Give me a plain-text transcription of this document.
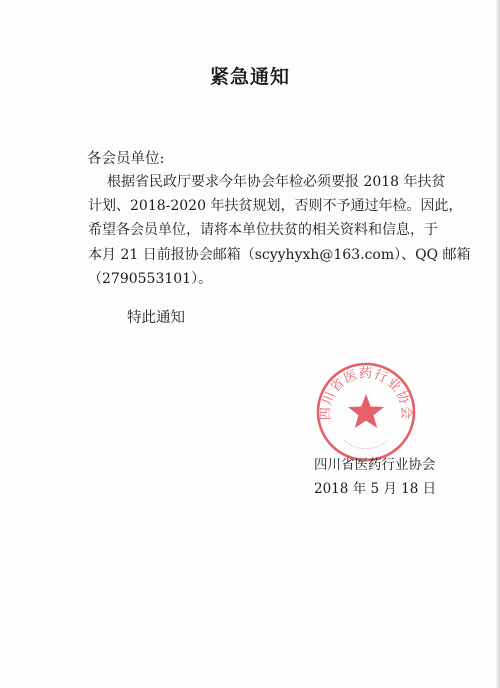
紧急通知
各会员单位:
根据省民政厅要求今年协会年检必须要报 2018 年扶贫
计划、2018-2020 年扶贫规划，否则不予通过年检。因此，
希望各会员单位，请将本单位扶贫的相关资料和信息，于
本月 21 日前报协会邮箱（scyyhyxh@163.com）、QQ 邮箱
（2790553101）。
特此通知
四川省医药行业协会
四川省医药行业协会
2018 年 5 月 18 日
